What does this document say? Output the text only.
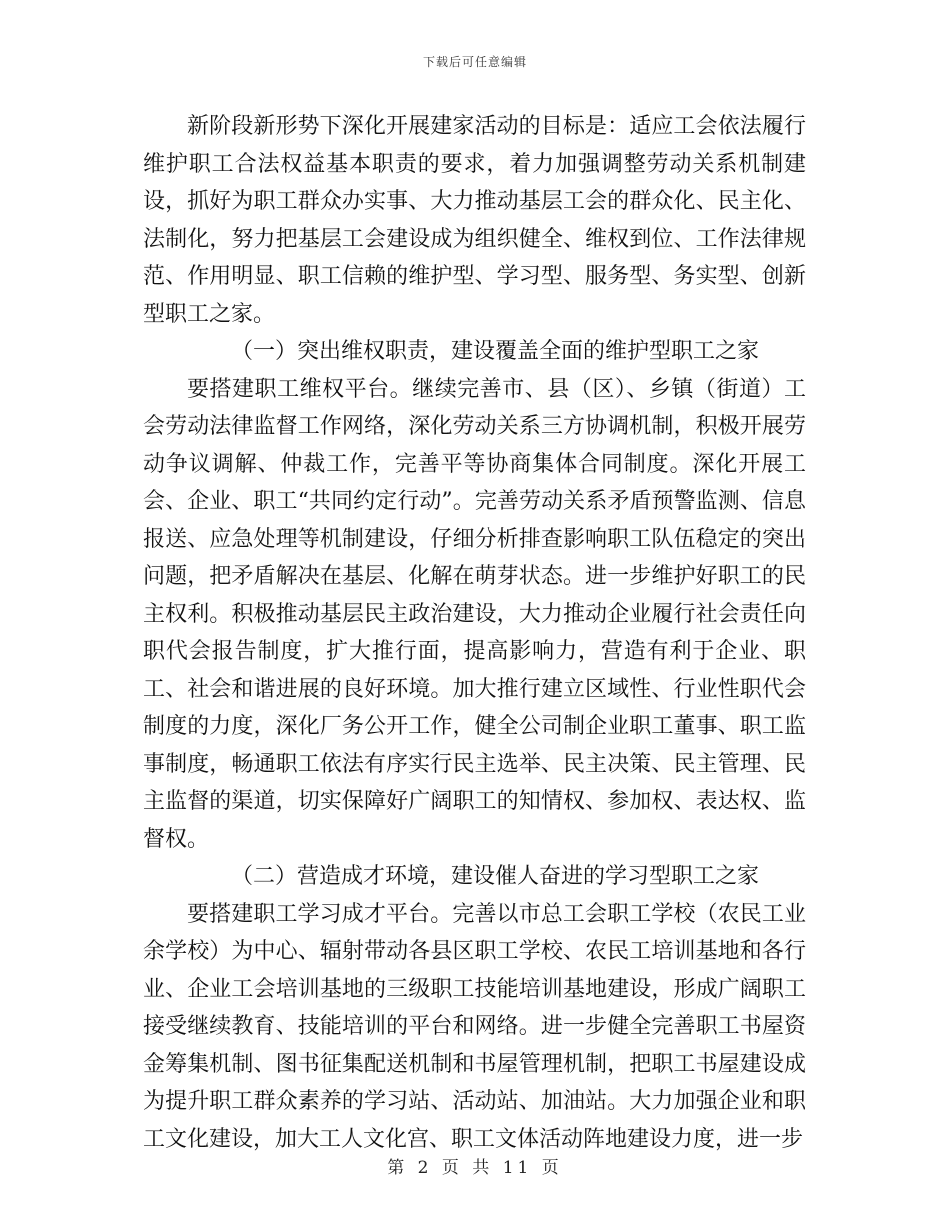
下载后可任意编辑

新阶段新形势下深化开展建家活动的目标是：适应工会依法履行维护职工合法权益基本职责的要求，着力加强调整劳动关系机制建设，抓好为职工群众办实事、大力推动基层工会的群众化、民主化、法制化，努力把基层工会建设成为组织健全、维权到位、工作法律规范、作用明显、职工信赖的维护型、学习型、服务型、务实型、创新型职工之家。

（一）突出维权职责，建设覆盖全面的维护型职工之家

要搭建职工维权平台。继续完善市、县（区）、乡镇（街道）工会劳动法律监督工作网络，深化劳动关系三方协调机制，积极开展劳动争议调解、仲裁工作，完善平等协商集体合同制度。深化开展工会、企业、职工“共同约定行动”。完善劳动关系矛盾预警监测、信息报送、应急处理等机制建设，仔细分析排查影响职工队伍稳定的突出问题，把矛盾解决在基层、化解在萌芽状态。进一步维护好职工的民主权利。积极推动基层民主政治建设，大力推动企业履行社会责任向职代会报告制度，扩大推行面，提高影响力，营造有利于企业、职工、社会和谐进展的良好环境。加大推行建立区域性、行业性职代会制度的力度，深化厂务公开工作，健全公司制企业职工董事、职工监事制度，畅通职工依法有序实行民主选举、民主决策、民主管理、民主监督的渠道，切实保障好广阔职工的知情权、参加权、表达权、监督权。

（二）营造成才环境，建设催人奋进的学习型职工之家

要搭建职工学习成才平台。完善以市总工会职工学校（农民工业余学校）为中心、辐射带动各县区职工学校、农民工培训基地和各行业、企业工会培训基地的三级职工技能培训基地建设，形成广阔职工接受继续教育、技能培训的平台和网络。进一步健全完善职工书屋资金筹集机制、图书征集配送机制和书屋管理机制，把职工书屋建设成为提升职工群众素养的学习站、活动站、加油站。大力加强企业和职工文化建设，加大工人文化宫、职工文体活动阵地建设力度，进一步

第 2 页 共 11 页
